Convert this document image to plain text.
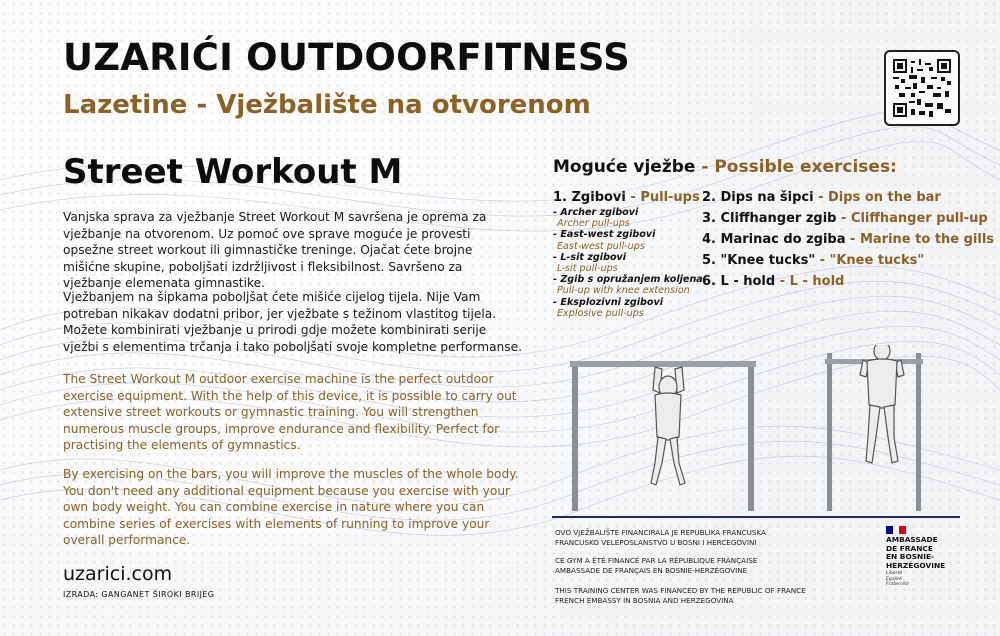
UZARIĆI OUTDOORFITNESS
Lazetine - Vježbalište na otvorenom
Street Workout M
Vanjska sprava za vježbanje Street Workout M savršena je oprema za vježbanje na otvorenom. Uz pomoć ove sprave moguće je provesti opsežne street workout ili gimnastičke treninge. Ojačat ćete brojne mišićne skupine, poboljšati izdržljivost i fleksibilnost. Savršeno za vježbanje elemenata gimnastike.
Vježbanjem na šipkama poboljšat ćete mišiće cijelog tijela. Nije Vam potreban nikakav dodatni pribor, jer vježbate s težinom vlastitog tijela. Možete kombinirati vježbanje u prirodi gdje možete kombinirati serije vježbi s elementima trčanja i tako poboljšati svoje kompletne performanse.
The Street Workout M outdoor exercise machine is the perfect outdoor exercise equipment. With the help of this device, it is possible to carry out extensive street workouts or gymnastic training. You will strengthen numerous muscle groups, improve endurance and flexibility. Perfect for practising the elements of gymnastics.
By exercising on the bars, you will improve the muscles of the whole body. You don't need any additional equipment because you exercise with your own body weight. You can combine exercise in nature where you can combine series of exercises with elements of running to improve your overall performance.
uzarici.com
IZRADA: GANGANET ŠIROKI BRIJEG
Moguće vježbe - Possible exercises:
1. Zgibovi - Pull-ups
- Archer zgibovi
Archer pull-ups
- East-west zgibovi
East-west pull-ups
- L-sit zgibovi
L-sit pull-ups
- Zgib s opružanjem koljena
Pull-up with knee extension
- Eksplozivni zgibovi
Explosive pull-ups
2. Dips na šipci - Dips on the bar
3. Cliffhanger zgib - Cliffhanger pull-up
4. Marinac do zgiba - Marine to the gills
5. "Knee tucks" - "Knee tucks"
6. L - hold - L - hold
OVO VJEŽBALIŠTE FINANCIRALA JE REPUBLIKA FRANCUSKA
FRANCUSKO VELEPOSLANSTVO U BOSNI I HERCEGOVINI
CE GYM A ÉTÉ FINANCÉ PAR LA RÉPUBLIQUE FRANÇAISE
AMBASSADE DE FRANÇAIS EN BOSNIE-HERZÉGOVINE
THIS TRAINING CENTER WAS FINANCED BY THE REPUBLIC OF FRANCE
FRENCH EMBASSY IN BOSNIA AND HERZEGOVINA
AMBASSADE
DE FRANCE
EN BOSNIE-
HERZÉGOVINE
Liberté
Égalité
Fraternité
